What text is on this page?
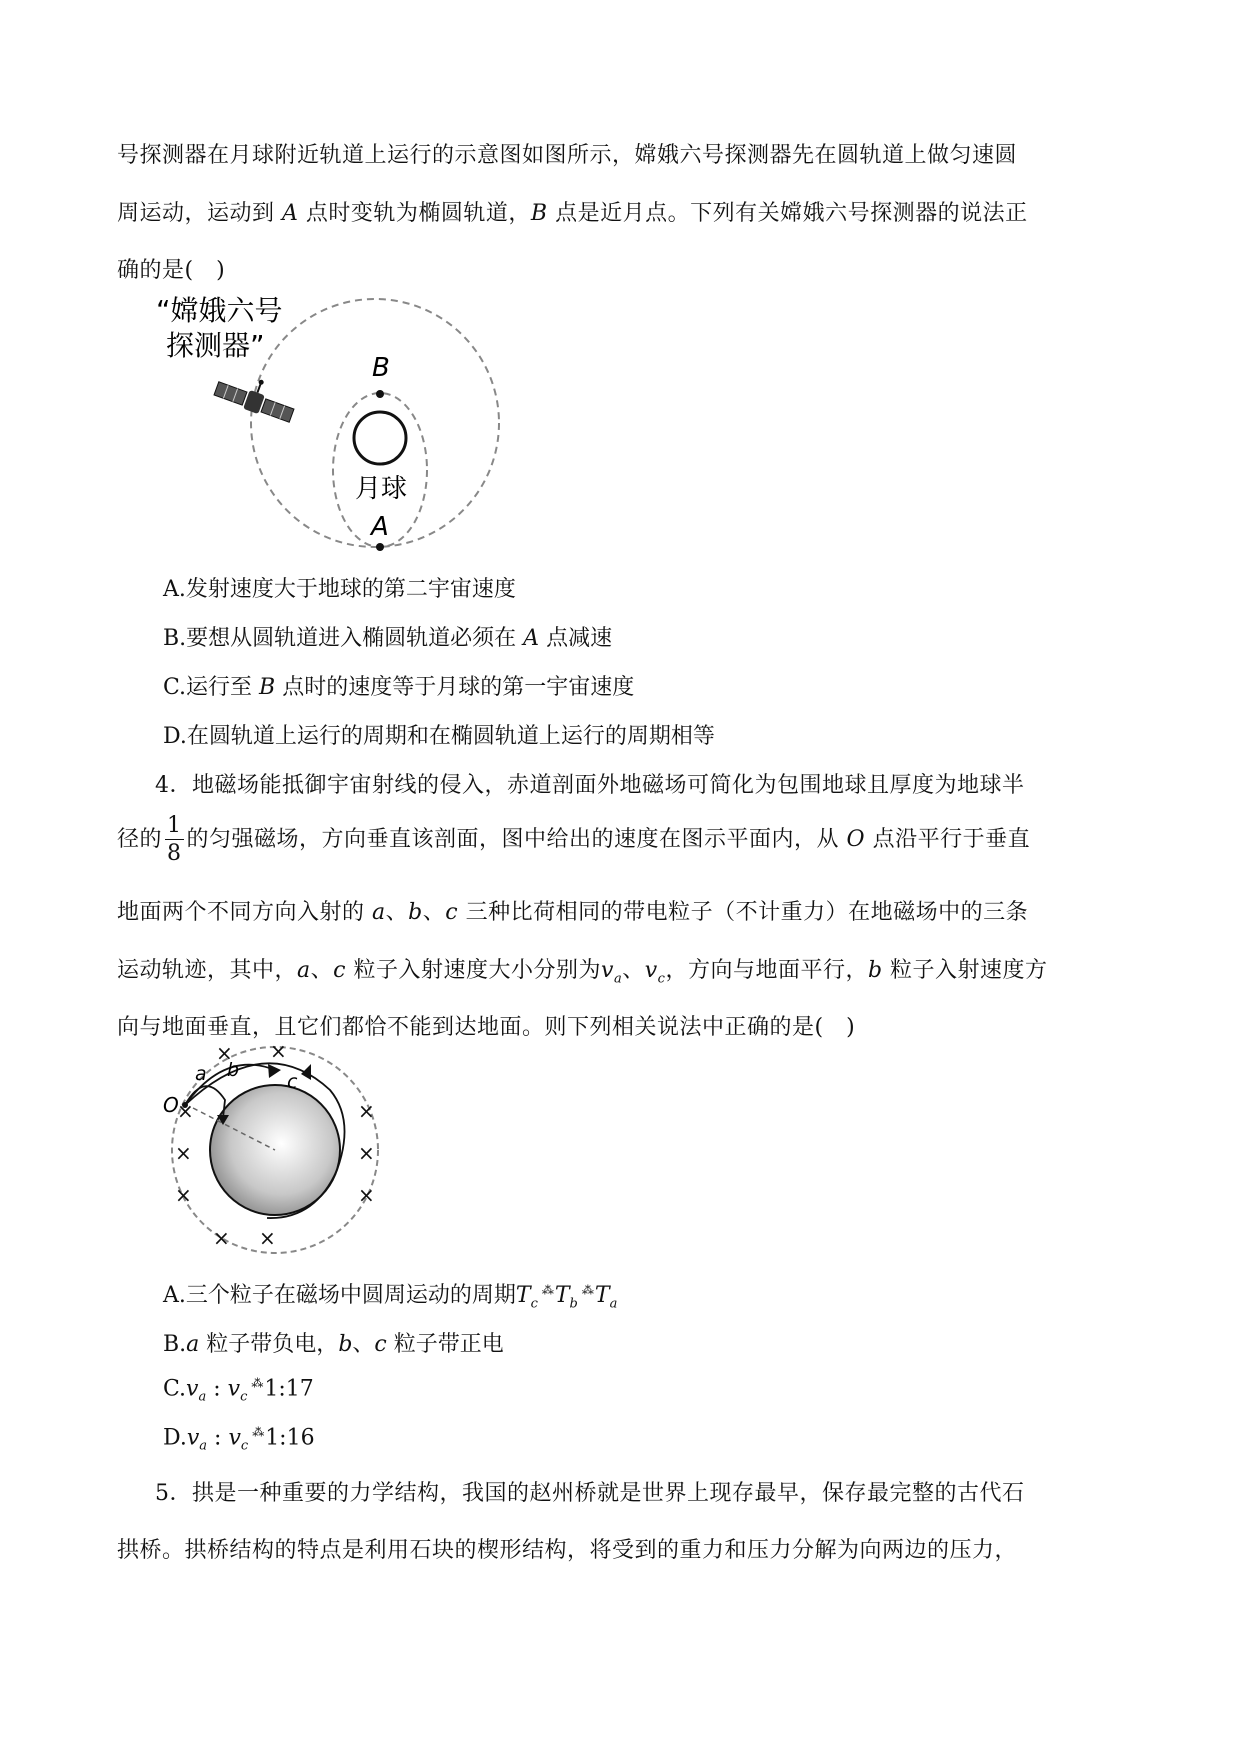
号探测器在月球附近轨道上运行的示意图如图所示，嫦娥六号探测器先在圆轨道上做匀速圆
周运动，运动到 A 点时变轨为椭圆轨道，B 点是近月点。下列有关嫦娥六号探测器的说法正
确的是(　)
B
A
月球
“嫦娥六号
探测器”
A.发射速度大于地球的第二宇宙速度
B.要想从圆轨道进入椭圆轨道必须在 A 点减速
C.运行至 B 点时的速度等于月球的第一宇宙速度
D.在圆轨道上运行的周期和在椭圆轨道上运行的周期相等
4．地磁场能抵御宇宙射线的侵入，赤道剖面外地磁场可简化为包围地球且厚度为地球半
径的 $\frac{1}{8}$ 的匀强磁场，方向垂直该剖面，图中给出的速度在图示平面内，从 O 点沿平行于垂直
地面两个不同方向入射的 a、b、c 三种比荷相同的带电粒子（不计重力）在地磁场中的三条
运动轨迹，其中，a、c 粒子入射速度大小分别为$v_a$、$v_c$，方向与地面平行，b 粒子入射速度方
向与地面垂直，且它们都恰不能到达地面。则下列相关说法中正确的是(　)
O
a b
c
× ×
×
×
×
×
×
×
× ×
A.三个粒子在磁场中圆周运动的周期$T_c^⁂T_b^⁂T_a$
B.a 粒子带负电，b、c 粒子带正电
$C.v_a$ : $v_c^⁂1:17$
$D.v_a$ : $v_c^⁂1:16$
5．拱是一种重要的力学结构，我国的赵州桥就是世界上现存最早，保存最完整的古代石
拱桥。拱桥结构的特点是利用石块的楔形结构，将受到的重力和压力分解为向两边的压力，
